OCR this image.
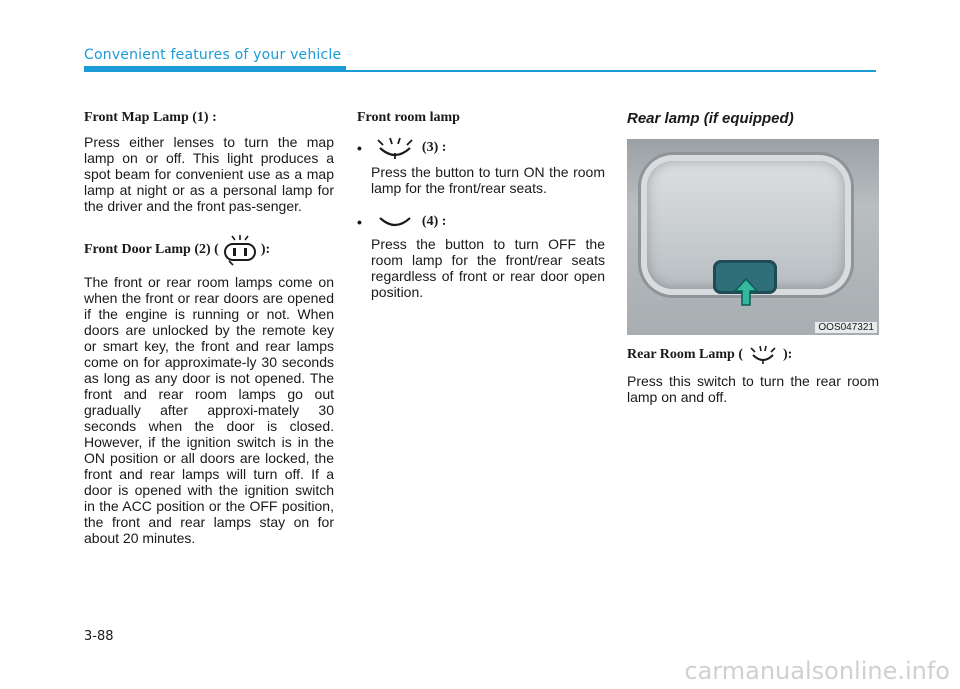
Convenient features of your vehicle
Front Map Lamp (1) :

Press either lenses to turn the map lamp on or off. This light produces a spot beam for convenient use as a map lamp at night or as a personal lamp for the driver and the front pas-senger.

Front Door Lamp (2) (	):

The front or rear room lamps come on when the front or rear doors are opened if the engine is running or not. When doors are unlocked by the remote key or smart key, the front and rear lamps come on for approximate-ly 30 seconds as long as any door is not opened. The front and rear room lamps go out gradually after approxi-mately 30 seconds when the door is closed. However, if the ignition switch is in the ON position or all doors are locked, the front and rear lamps will turn off. If a door is opened with the ignition switch in the ACC position or the OFF position, the front and rear lamps stay on for about 20 minutes.

Front room lamp
•	(3) :

Press the button to turn ON the room lamp for the front/rear seats.

•	(4) :

Press the button to turn OFF the room lamp for the front/rear seats regardless of front or rear door open position.

Rear lamp (if equipped)
OOS047321
Rear Room Lamp (	):

Press this switch to turn the rear room lamp on and off.

3-88
carmanualsonline.info
